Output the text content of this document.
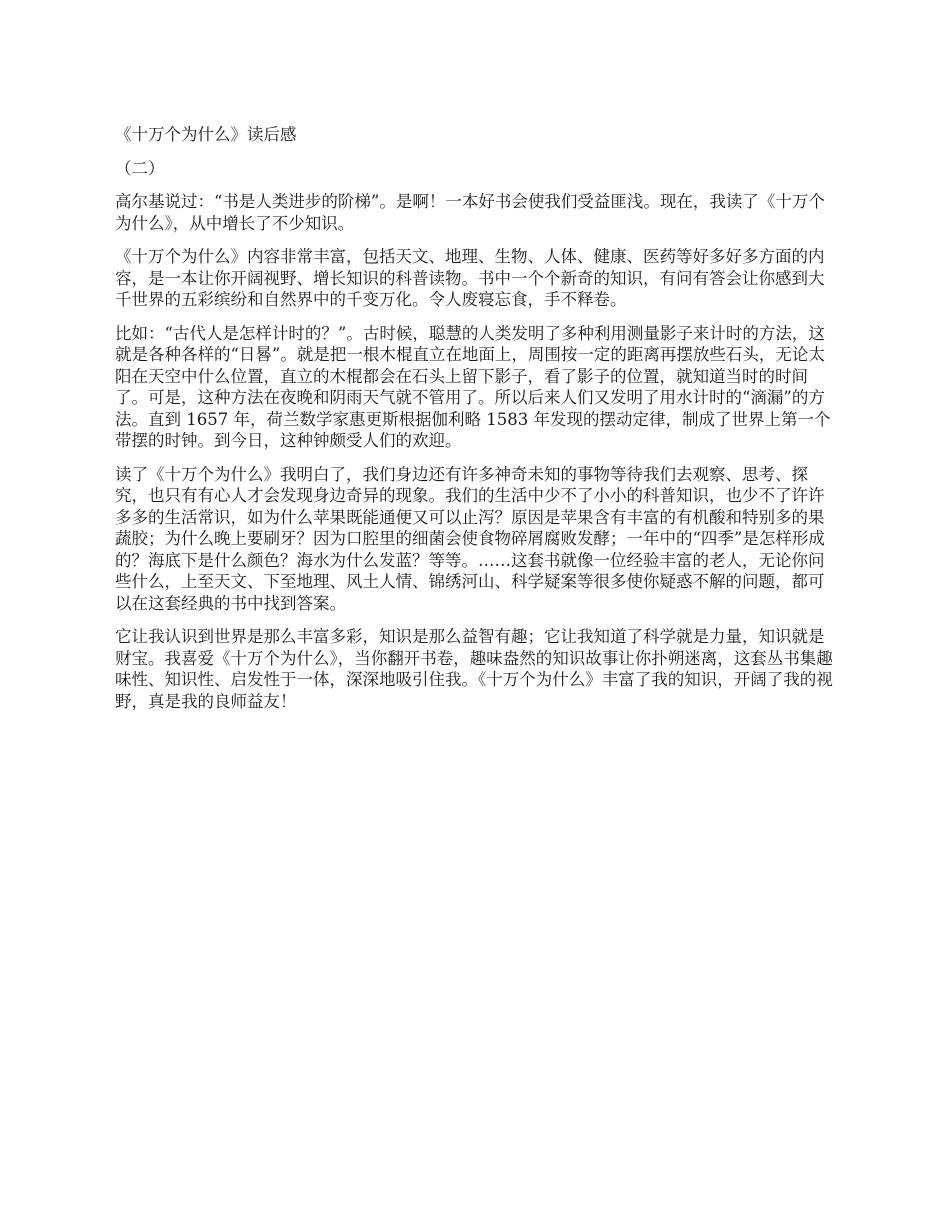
《十万个为什么》读后感

（二）

高尔基说过：“书是人类进步的阶梯”。是啊！一本好书会使我们受益匪浅。现在，我读了《十万个为什么》，从中增长了不少知识。

《十万个为什么》内容非常丰富，包括天文、地理、生物、人体、健康、医药等好多好多方面的内容，是一本让你开阔视野、增长知识的科普读物。书中一个个新奇的知识，有问有答会让你感到大千世界的五彩缤纷和自然界中的千变万化。令人废寝忘食，手不释卷。

比如：“古代人是怎样计时的？”。古时候，聪慧的人类发明了多种利用测量影子来计时的方法，这就是各种各样的“日晷”。就是把一根木棍直立在地面上，周围按一定的距离再摆放些石头，无论太阳在天空中什么位置，直立的木棍都会在石头上留下影子，看了影子的位置，就知道当时的时间了。可是，这种方法在夜晚和阴雨天气就不管用了。所以后来人们又发明了用水计时的“滴漏”的方法。直到 1657 年，荷兰数学家惠更斯根据伽利略 1583 年发现的摆动定律，制成了世界上第一个带摆的时钟。到今日，这种钟颇受人们的欢迎。

读了《十万个为什么》我明白了，我们身边还有许多神奇未知的事物等待我们去观察、思考、探究，也只有有心人才会发现身边奇异的现象。我们的生活中少不了小小的科普知识，也少不了许许多多的生活常识，如为什么苹果既能通便又可以止泻？原因是苹果含有丰富的有机酸和特别多的果蔬胶；为什么晚上要刷牙？因为口腔里的细菌会使食物碎屑腐败发酵；一年中的“四季”是怎样形成的？海底下是什么颜色？海水为什么发蓝？等等。……这套书就像一位经验丰富的老人，无论你问些什么，上至天文、下至地理、风土人情、锦绣河山、科学疑案等很多使你疑惑不解的问题，都可以在这套经典的书中找到答案。

它让我认识到世界是那么丰富多彩，知识是那么益智有趣；它让我知道了科学就是力量，知识就是财宝。我喜爱《十万个为什么》，当你翻开书卷，趣味盎然的知识故事让你扑朔迷离，这套丛书集趣味性、知识性、启发性于一体，深深地吸引住我。《十万个为什么》丰富了我的知识，开阔了我的视野，真是我的良师益友！
